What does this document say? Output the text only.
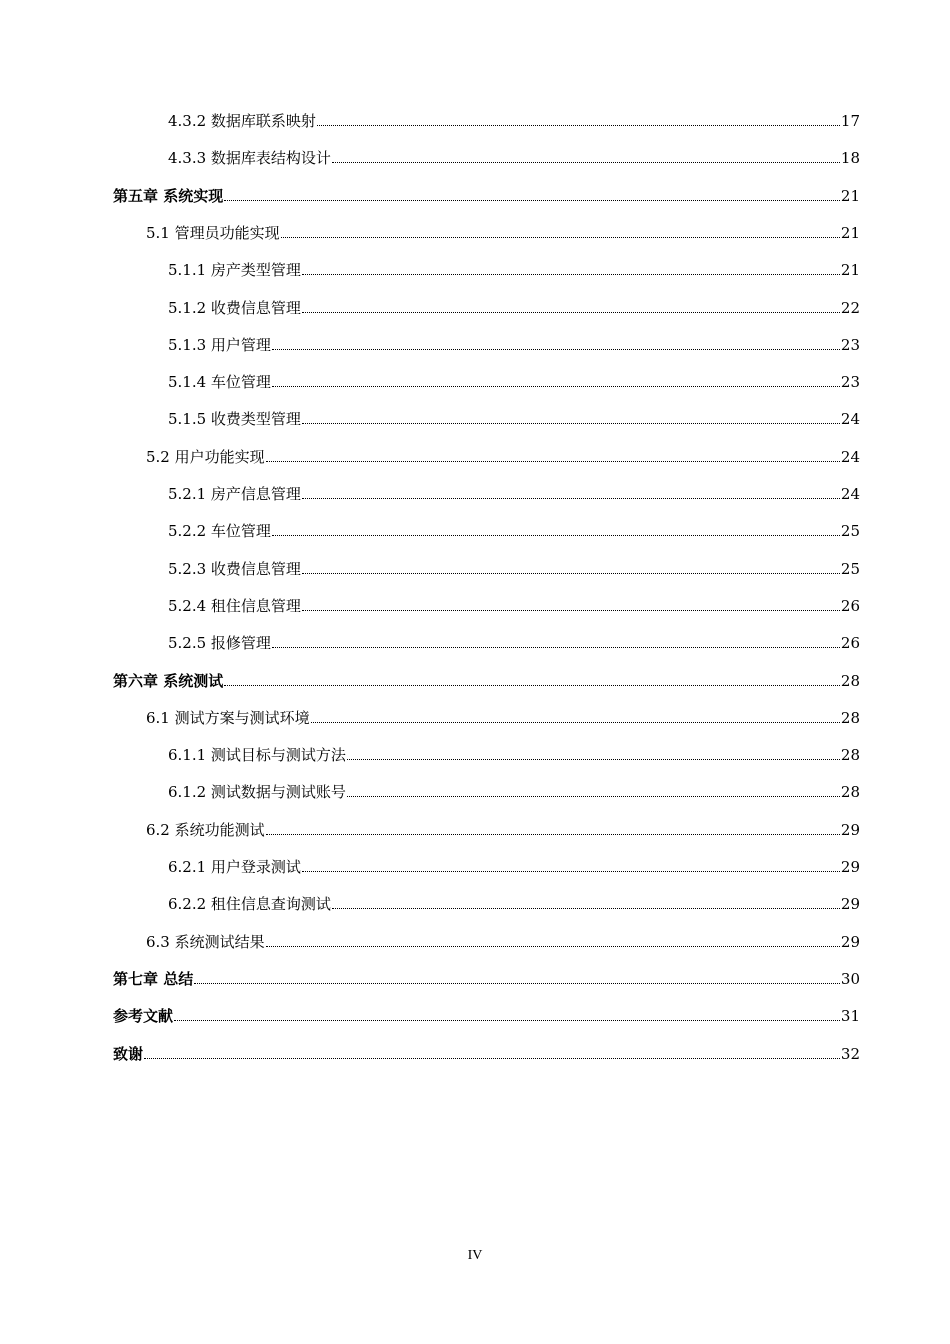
4.3.2 数据库联系映射	17
4.3.3 数据库表结构设计	18
第五章 系统实现	21
5.1 管理员功能实现	21
5.1.1 房产类型管理	21
5.1.2 收费信息管理	22
5.1.3 用户管理	23
5.1.4 车位管理	23
5.1.5 收费类型管理	24
5.2 用户功能实现	24
5.2.1 房产信息管理	24
5.2.2 车位管理	25
5.2.3 收费信息管理	25
5.2.4 租住信息管理	26
5.2.5 报修管理	26
第六章 系统测试	28
6.1 测试方案与测试环境	28
6.1.1 测试目标与测试方法	28
6.1.2 测试数据与测试账号	28
6.2 系统功能测试	29
6.2.1 用户登录测试	29
6.2.2 租住信息查询测试	29
6.3 系统测试结果	29
第七章 总结	30
参考文献	31
致谢	32
IV
